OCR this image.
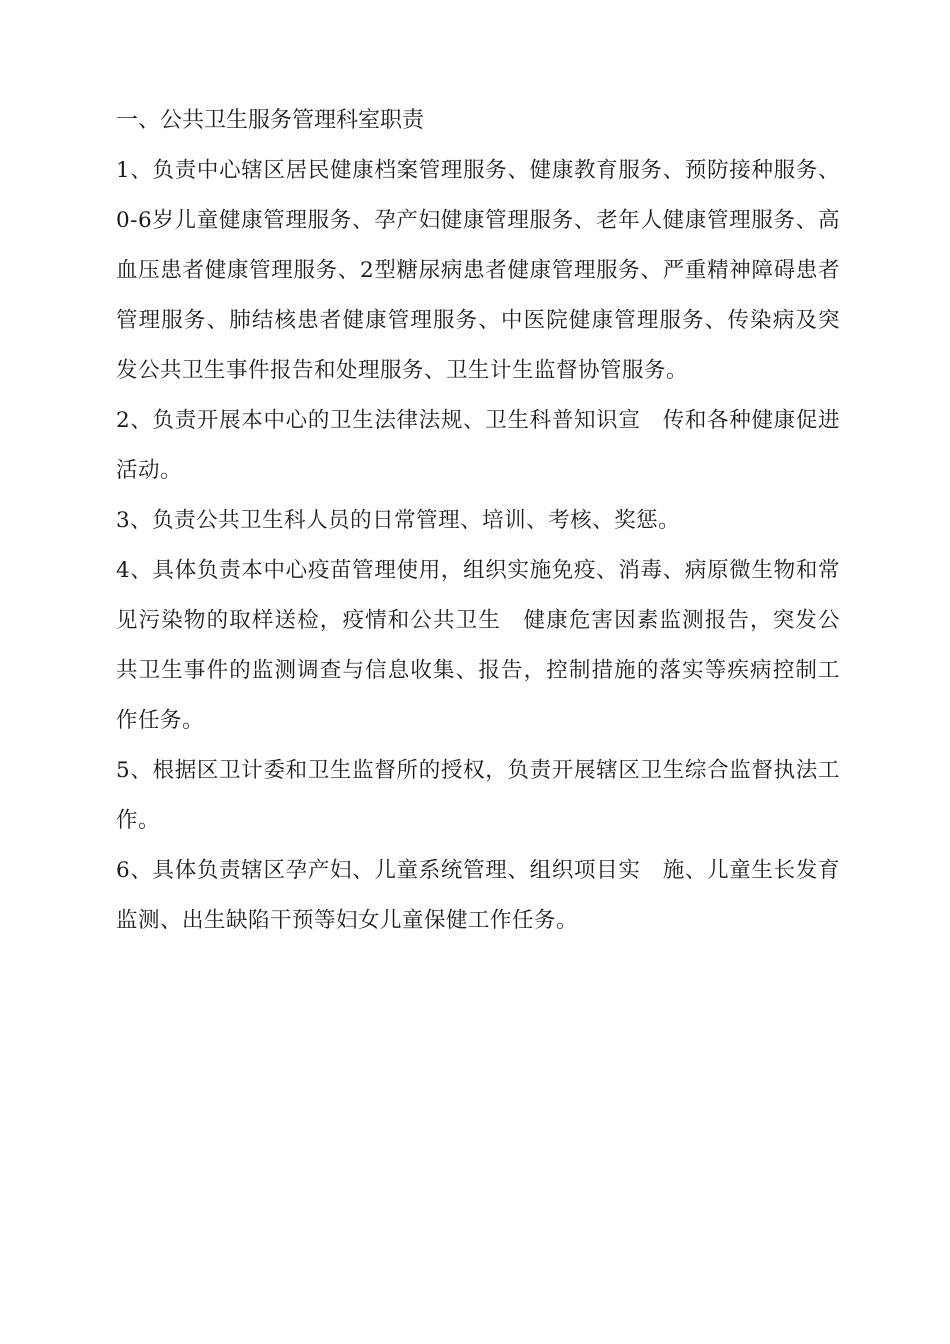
一、公共卫生服务管理科室职责

1、负责中心辖区居民健康档案管理服务、健康教育服务、预防接种服务、0-6岁儿童健康管理服务、孕产妇健康管理服务、老年人健康管理服务、高血压患者健康管理服务、2型糖尿病患者健康管理服务、严重精神障碍患者管理服务、肺结核患者健康管理服务、中医院健康管理服务、传染病及突发公共卫生事件报告和处理服务、卫生计生监督协管服务。

2、负责开展本中心的卫生法律法规、卫生科普知识宣　传和各种健康促进活动。

3、负责公共卫生科人员的日常管理、培训、考核、奖惩。

4、具体负责本中心疫苗管理使用，组织实施免疫、消毒、病原微生物和常见污染物的取样送检，疫情和公共卫生　健康危害因素监测报告，突发公共卫生事件的监测调查与信息收集、报告，控制措施的落实等疾病控制工作任务。

5、根据区卫计委和卫生监督所的授权，负责开展辖区卫生综合监督执法工作。

6、具体负责辖区孕产妇、儿童系统管理、组织项目实　施、儿童生长发育监测、出生缺陷干预等妇女儿童保健工作任务。
